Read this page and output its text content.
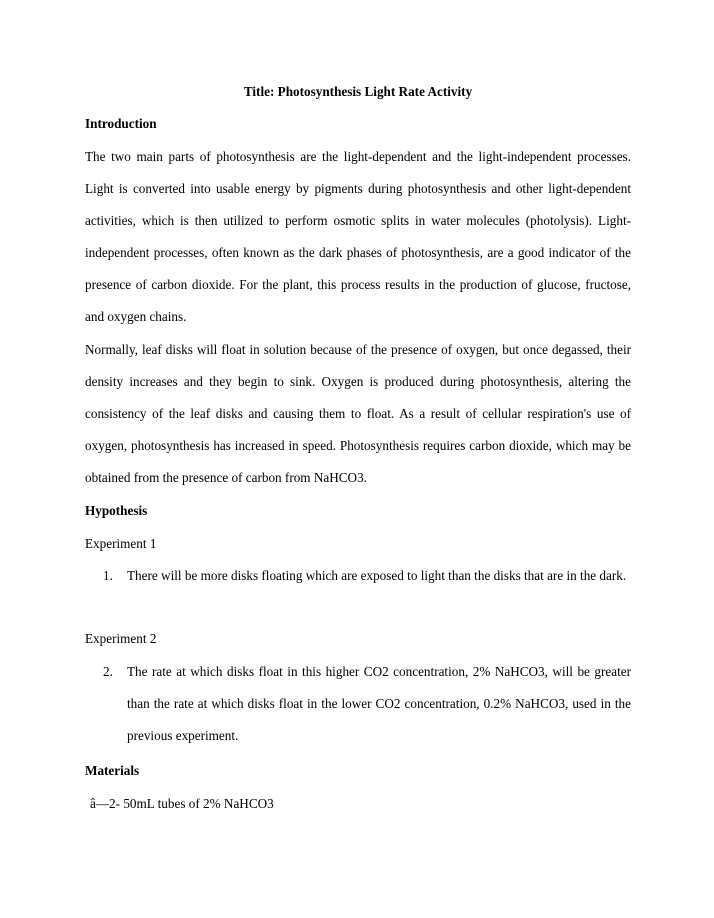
Title: Photosynthesis Light Rate Activity
Introduction

The two main parts of photosynthesis are the light-dependent and the light-independent processes. Light is converted into usable energy by pigments during photosynthesis and other light-dependent activities, which is then utilized to perform osmotic splits in water molecules (photolysis). Light-independent processes, often known as the dark phases of photosynthesis, are a good indicator of the presence of carbon dioxide. For the plant, this process results in the production of glucose, fructose, and oxygen chains.

Normally, leaf disks will float in solution because of the presence of oxygen, but once degassed, their density increases and they begin to sink. Oxygen is produced during photosynthesis, altering the consistency of the leaf disks and causing them to float. As a result of cellular respiration's use of oxygen, photosynthesis has increased in speed. Photosynthesis requires carbon dioxide, which may be obtained from the presence of carbon from NaHCO3.

Hypothesis
Experiment 1
1. There will be more disks floating which are exposed to light than the disks that are in the dark.

Experiment 2
2. The rate at which disks float in this higher CO2 concentration, 2% NaHCO3, will be greater than the rate at which disks float in the lower CO2 concentration, 0.2% NaHCO3, used in the previous experiment.

Materials
â—2- 50mL tubes of 2% NaHCO3
